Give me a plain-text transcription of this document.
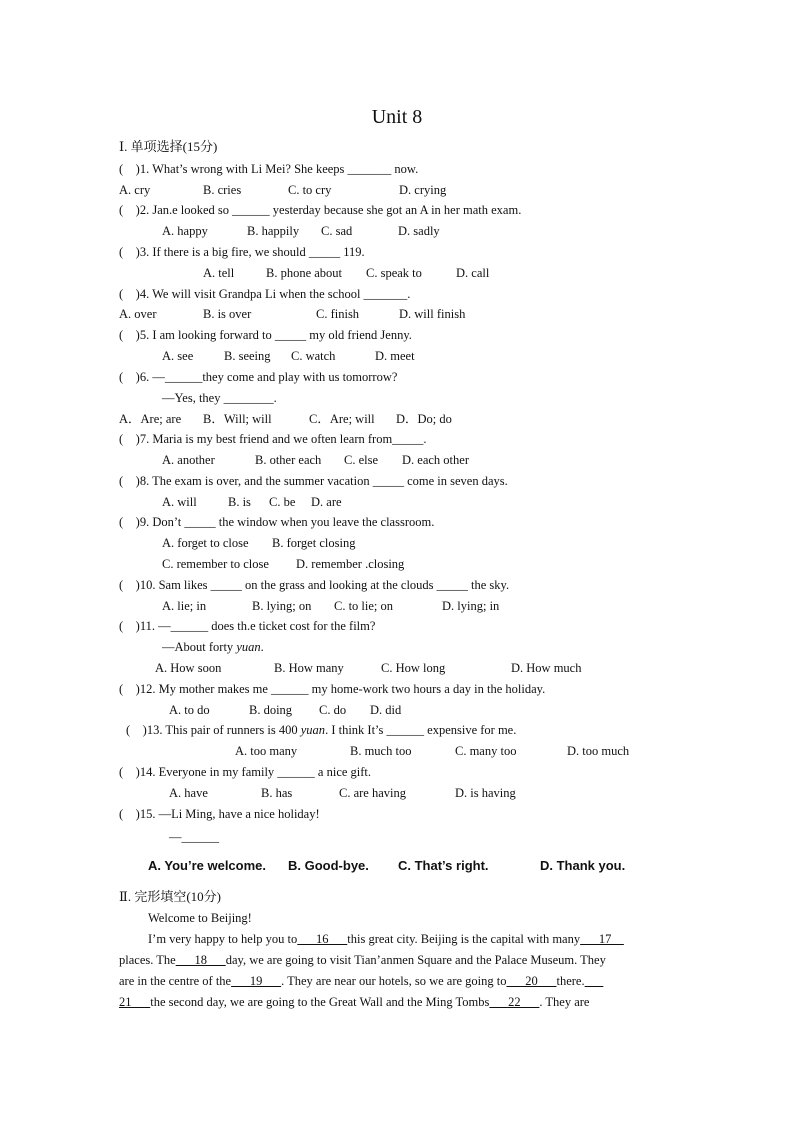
Unit 8
Ⅰ. 单项选择(15分)
(    )1. What’s wrong with Li Mei? She keeps _______ now.
A. cry	B. cries	C. to cry	D. crying
(    )2. Jan.e looked so ______ yesterday because she got an A in her math exam.
A. happy	B. happily C. sad	D. sadly
(    )3. If there is a big fire, we should _____ 119.
A. tell	B. phone about C. speak to	D. call
(    )4. We will visit Grandpa Li when the school _______.
A. over	B. is over	C. finish	D. will finish
(    )5. I am looking forward to _____ my old friend Jenny.
A. see B. seeing C. watch	D. meet
(    )6. —______they come and play with us tomorrow?
—Yes, they ________.
A．Are; are B．Will; will	C．Are; will D．Do; do
(    )7. Maria is my best friend and we often learn from_____.
A. another	B. other each C. else D. each other
(    )8. The exam is over, and the summer vacation _____ come in seven days.
A. will	B. is C. be D. are
(    )9. Don’t _____ the window when you leave the classroom.
A. forget to close B. forget closing
C. remember to close D. remember .closing
(    )10. Sam likes _____ on the grass and looking at the clouds _____ the sky.
A. lie; in	B. lying; on C. to lie; on	D. lying; in
(    )11. —______ does th.e ticket cost for the film?
—About forty yuan.
A. How soon	B. How many	C. How long	D. How much
(    )12. My mother makes me ______ my home-work two hours a day in the holiday.
A. to do	B. doing C. do D. did
(    )13. This pair of runners is 400 yuan. I think It’s ______ expensive for me.
A. too many	B. much too	C. many too	D. too much
(    )14. Everyone in my family ______ a nice gift.
A. have	B. has	C. are having	D. is having
(    )15. —Li Ming, have a nice holiday!
—______
A. You’re welcome. B. Good-bye. C. That’s right.	D. Thank you.
Ⅱ. 完形填空(10分)
Welcome to Beijing!
I’m very happy to help you to      16      this great city. Beijing is the capital with many      17
places. The      18      day, we are going to visit Tian’anmen Square and the Palace Museum. They
are in the centre of the      19      . They are near our hotels, so we are going to      20      there.
21 the second day, we are going to the Great Wall and the Ming Tombs      22      . They are
